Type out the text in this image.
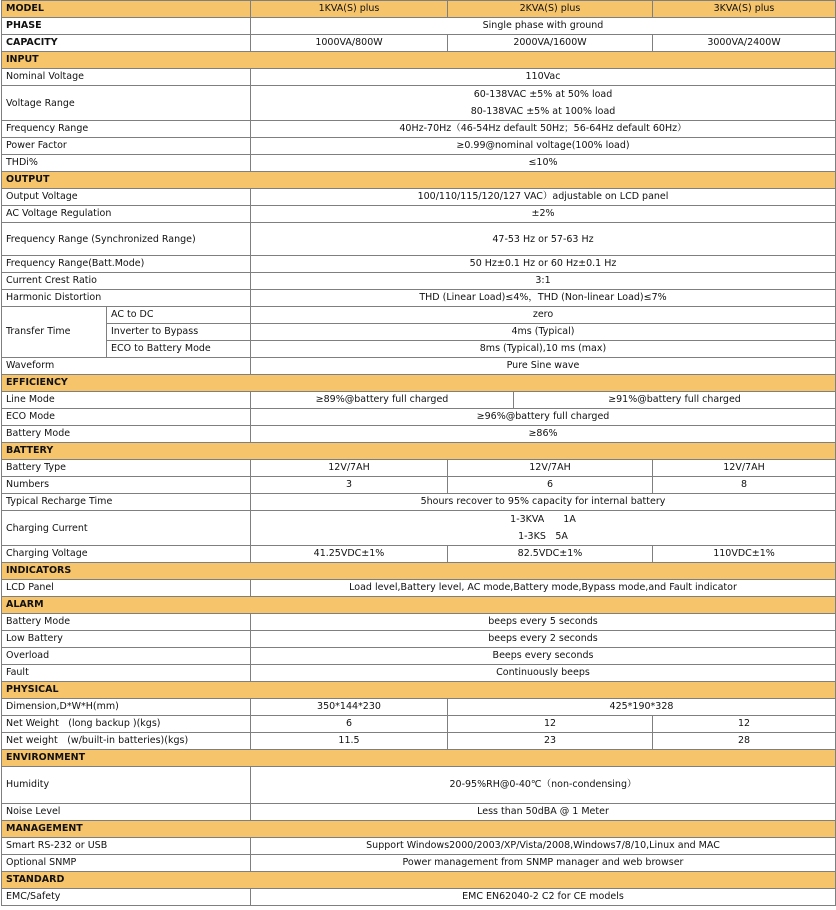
MODEL		1KVA(S) plus	2KVA(S) plus		3KVA(S) plus
PHASE		Single phase with ground			
CAPACITY		1000VA/800W	2000VA/1600W		3000VA/2400W
INPUT					
Nominal Voltage		110Vac			
Voltage Range		60-138VAC ±5% at 50% load
80-138VAC ±5% at 100% load			

Frequency Range		40Hz-70Hz（46-54Hz default 50Hz；56-64Hz default 60Hz）			
Power Factor		≥0.99@nominal voltage(100% load)			
THDi%		≤10%			
OUTPUT					
Output Voltage		100/110/115/120/127 VAC）adjustable on LCD panel			
AC Voltage Regulation		±2%			
Frequency Range (Synchronized Range)		47-53 Hz or 57-63 Hz			
Frequency Range(Batt.Mode)		50 Hz±0.1 Hz or 60 Hz±0.1 Hz			
Current Crest Ratio		3:1			
Harmonic Distortion		THD (Linear Load)≤4%，THD (Non-linear Load)≤7%			
Transfer Time	AC to DC	zero			
	Inverter to Bypass	4ms (Typical)			
	ECO to Battery Mode	8ms (Typical),10 ms (max)			
Waveform		Pure Sine wave			
EFFICIENCY					
Line Mode		≥89%@battery full charged		≥91%@battery full charged	
ECO Mode		≥96%@battery full charged			
Battery Mode		≥86%			
BATTERY					
Battery Type		12V/7AH	12V/7AH		12V/7AH
Numbers		3	6		8
Typical Recharge Time		5hours recover to 95% capacity for internal battery			
Charging Current		1-3KVA　　1A
1-3KS　5A			

Charging Voltage		41.25VDC±1%	82.5VDC±1%		110VDC±1%
INDICATORS					
LCD Panel		Load level,Battery level, AC mode,Battery mode,Bypass mode,and Fault indicator			
ALARM					
Battery Mode		beeps every 5 seconds			
Low Battery		beeps every 2 seconds			
Overload		Beeps every seconds			
Fault		Continuously beeps			
PHYSICAL					
Dimension,D*W*H(mm)		350*144*230	425*190*328		
Net Weight　(long backup )(kgs)		6	12		12
Net weight　(w/built-in batteries)(kgs)		11.5	23		28
ENVIRONMENT					
Humidity		20-95%RH@0-40℃（non-condensing）			
Noise Level		Less than 50dBA @ 1 Meter			
MANAGEMENT					
Smart RS-232 or USB		Support Windows2000/2003/XP/Vista/2008,Windows7/8/10,Linux and MAC			
Optional SNMP		Power management from SNMP manager and web browser			
STANDARD					
EMC/Safety		EMC EN62040-2 C2 for CE models			
